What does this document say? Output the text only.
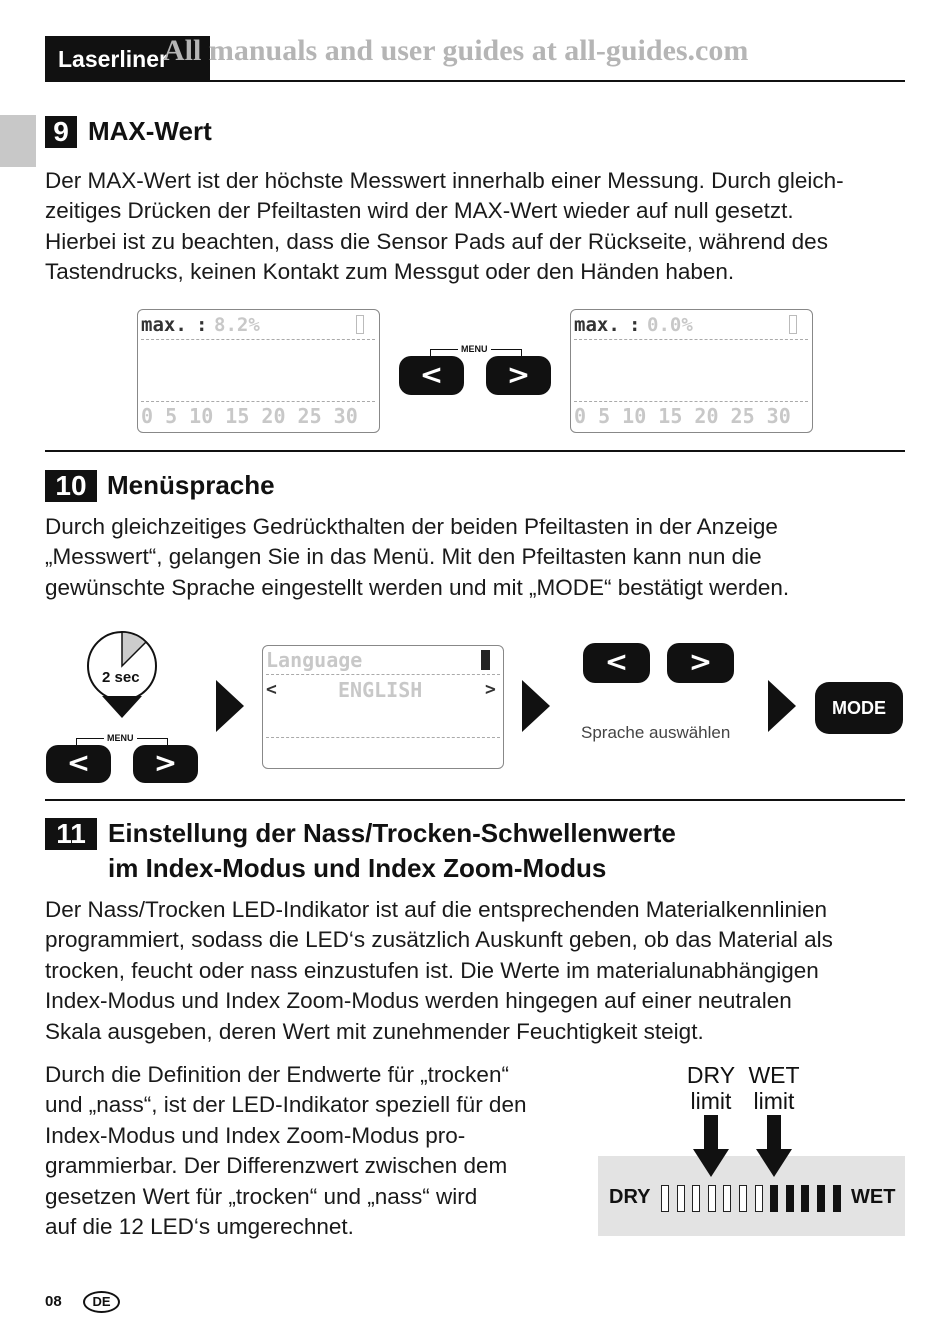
Laserliner
All manuals and user guides at all-guides.com
9 MAX-Wert
Der MAX-Wert ist der höchste Messwert innerhalb einer Messung. Durch gleich-
zeitiges Drücken der Pfeiltasten wird der MAX-Wert wieder auf null gesetzt.
Hierbei ist zu beachten, dass die Sensor Pads auf der Rückseite, während des
Tastendrucks, keinen Kontakt zum Messgut oder den Händen haben.
max. : 8.2%
0 5 10 15 20 25 30
MENU
<	>
max. : 0.0%
0 5 10 15 20 25 30
10 Menüsprache
Durch gleichzeitiges Gedrückthalten der beiden Pfeiltasten in der Anzeige
„Messwert“, gelangen Sie in das Menü. Mit den Pfeiltasten kann nun die
gewünschte Sprache eingestellt werden und mit „MODE“ bestätigt werden.
2 sec
MENU
<	>
Language
<	ENGLISH	>
<	>
Sprache auswählen
MODE
11 Einstellung der Nass/Trocken-Schwellenwerte
im Index-Modus und Index Zoom-Modus
Der Nass/Trocken LED-Indikator ist auf die entsprechenden Materialkennlinien
programmiert, sodass die LED‘s zusätzlich Auskunft geben, ob das Material als
trocken, feucht oder nass einzustufen ist. Die Werte im materialunabhängigen
Index-Modus und Index Zoom-Modus werden hingegen auf einer neutralen
Skala ausgeben, deren Wert mit zunehmender Feuchtigkeit steigt.
Durch die Definition der Endwerte für „trocken“
und „nass“, ist der LED-Indikator speziell für den
Index-Modus und Index Zoom-Modus pro-
grammierbar. Der Differenzwert zwischen dem
gesetzen Wert für „trocken“ und „nass“ wird
auf die 12 LED‘s umgerechnet.
DRY
limit
WET
limit
DRY	WET
08	DE
